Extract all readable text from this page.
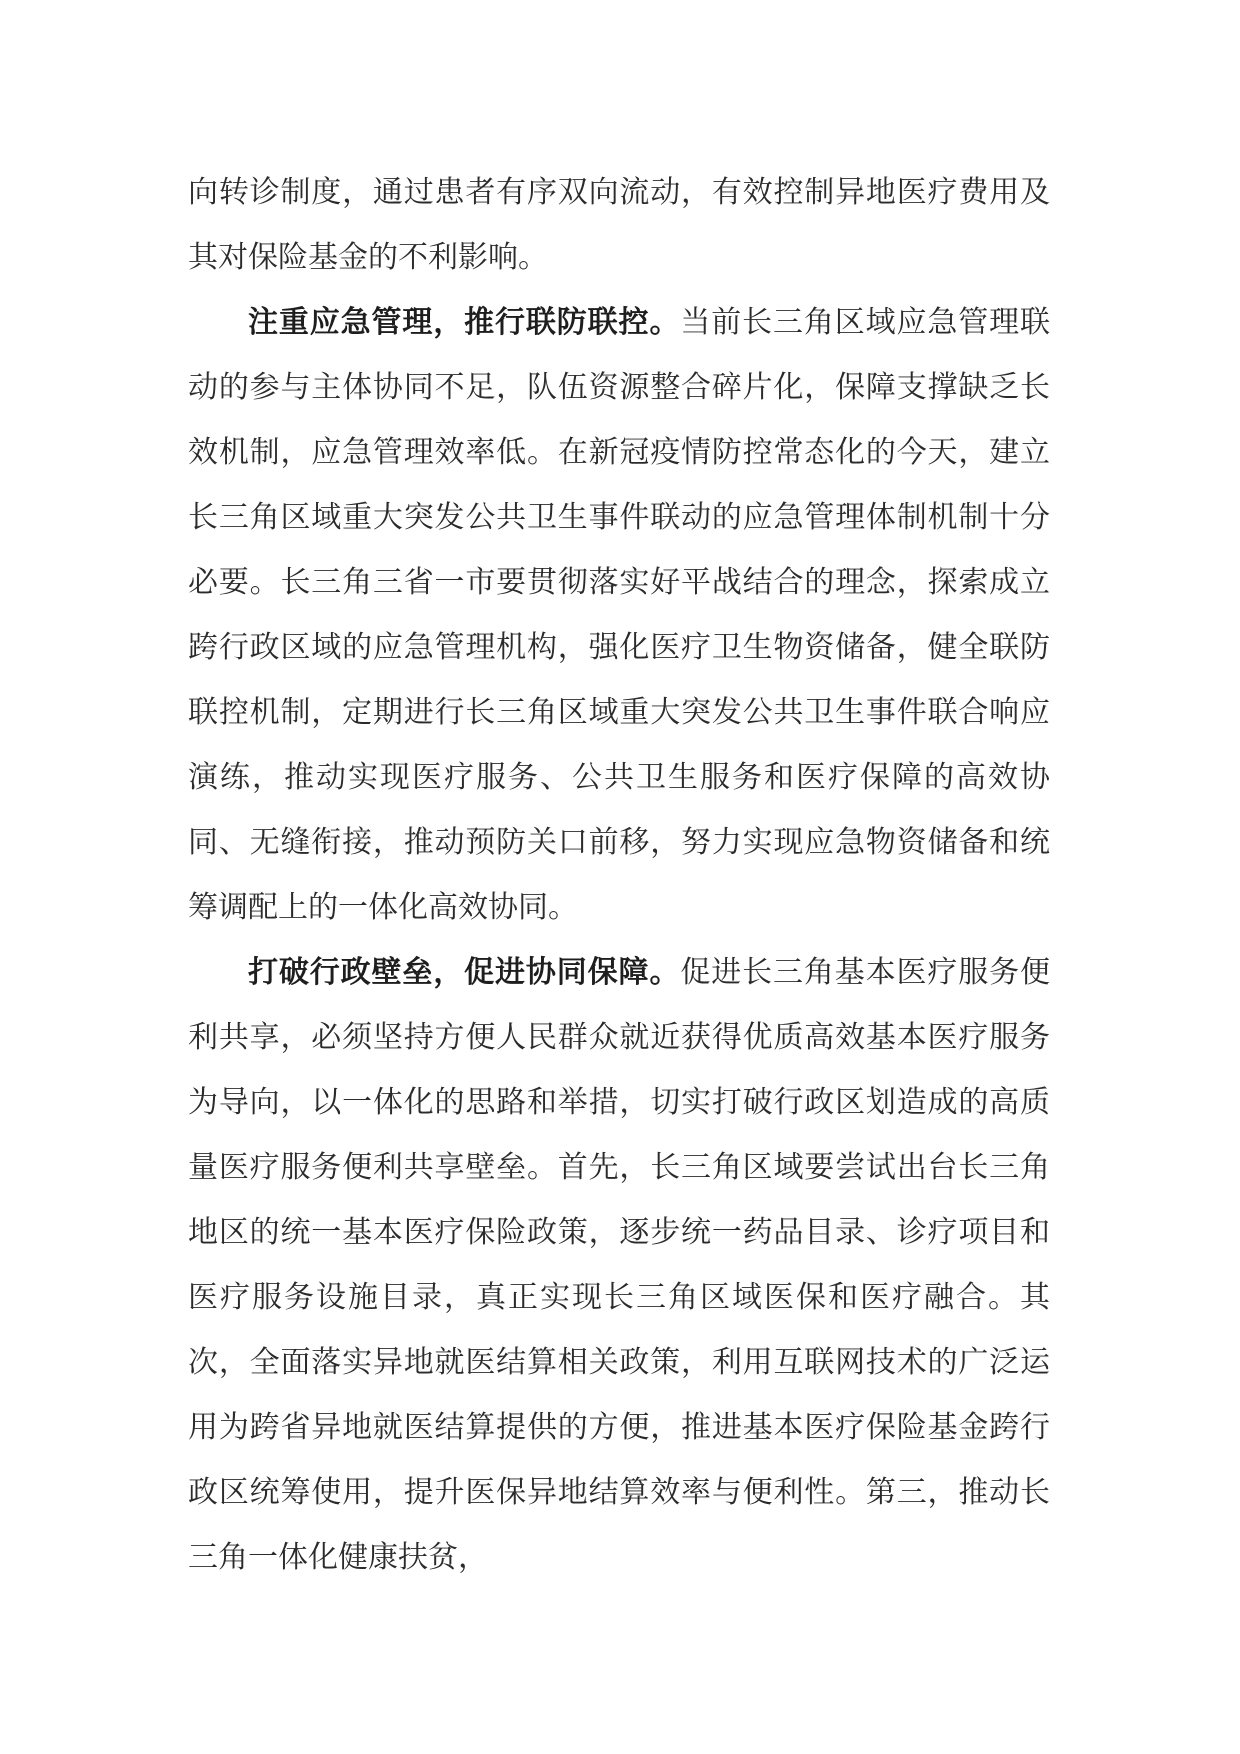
向转诊制度，通过患者有序双向流动，有效控制异地医疗费用及其对保险基金的不利影响。

注重应急管理，推行联防联控。当前长三角区域应急管理联动的参与主体协同不足，队伍资源整合碎片化，保障支撑缺乏长效机制，应急管理效率低。在新冠疫情防控常态化的今天，建立长三角区域重大突发公共卫生事件联动的应急管理体制机制十分必要。长三角三省一市要贯彻落实好平战结合的理念，探索成立跨行政区域的应急管理机构，强化医疗卫生物资储备，健全联防联控机制，定期进行长三角区域重大突发公共卫生事件联合响应演练，推动实现医疗服务、公共卫生服务和医疗保障的高效协同、无缝衔接，推动预防关口前移，努力实现应急物资储备和统筹调配上的一体化高效协同。

打破行政壁垒，促进协同保障。促进长三角基本医疗服务便利共享，必须坚持方便人民群众就近获得优质高效基本医疗服务为导向，以一体化的思路和举措，切实打破行政区划造成的高质量医疗服务便利共享壁垒。首先，长三角区域要尝试出台长三角地区的统一基本医疗保险政策，逐步统一药品目录、诊疗项目和医疗服务设施目录，真正实现长三角区域医保和医疗融合。其次，全面落实异地就医结算相关政策，利用互联网技术的广泛运用为跨省异地就医结算提供的方便，推进基本医疗保险基金跨行政区统筹使用，提升医保异地结算效率与便利性。第三，推动长三角一体化健康扶贫，
